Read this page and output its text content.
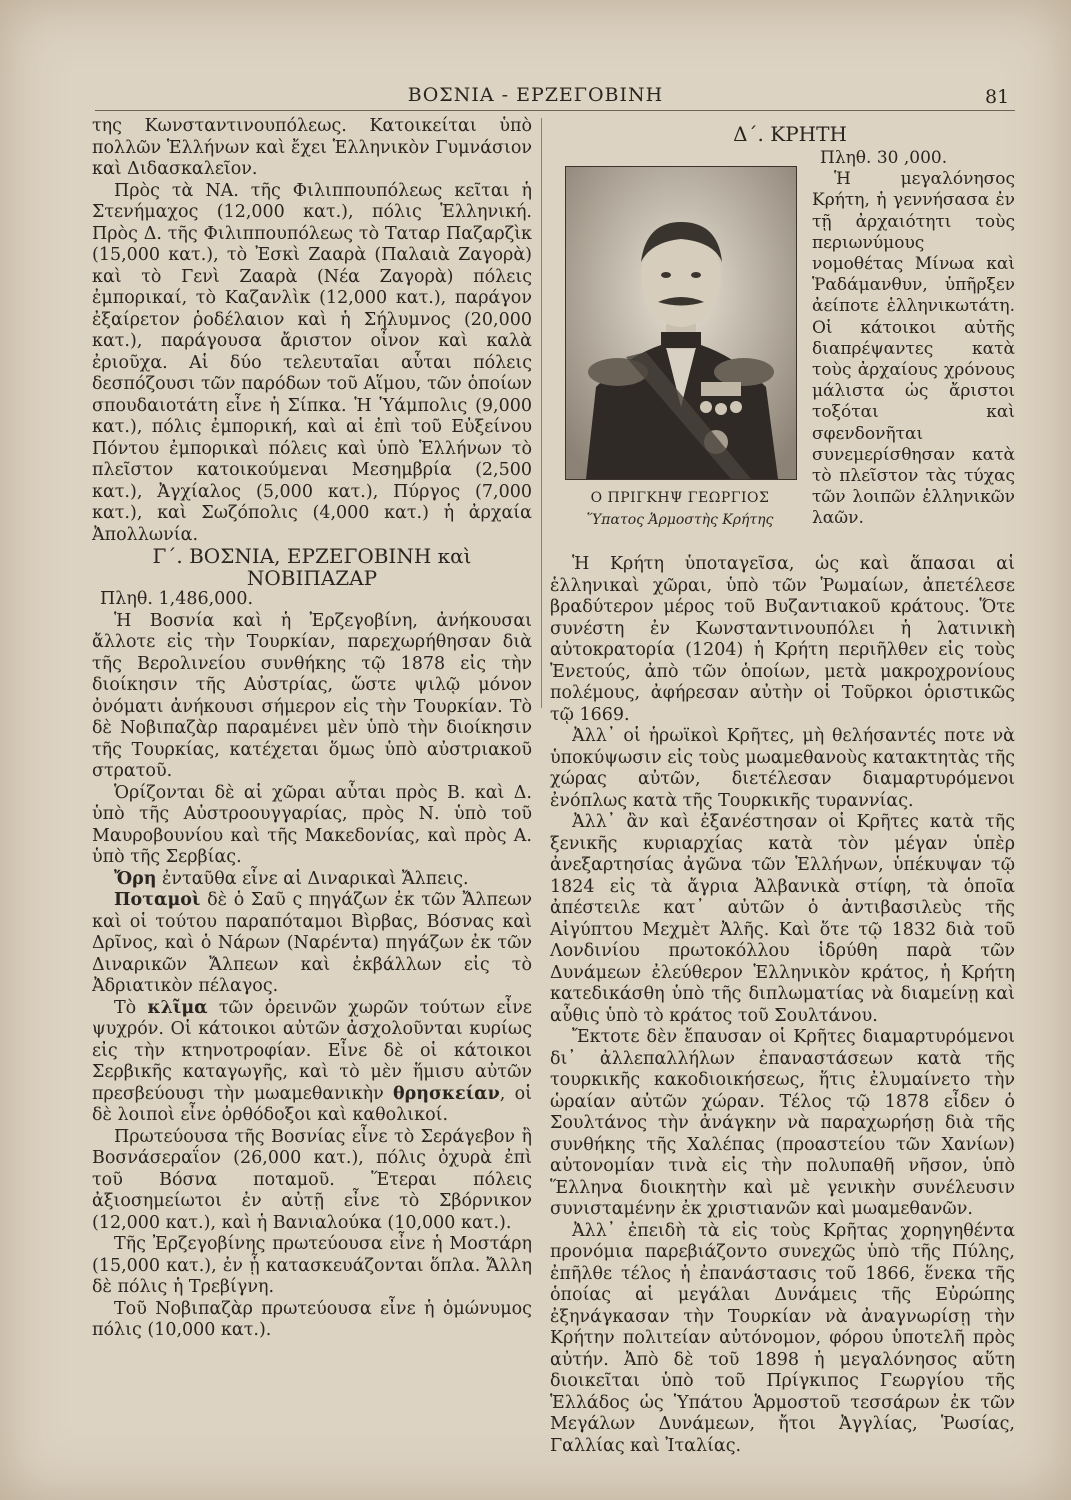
ΒΟΣΝΙΑ - ΕΡΖΕΓΟΒΙΝΗ	81

της Κωνσταντινουπόλεως. Κατοικείται ὑπὸ πολλῶν Ἑλλήνων καὶ ἔχει Ἑλληνικὸν Γυμνάσιον καὶ Διδασκαλεῖον.

Πρὸς τὰ ΝΑ. τῆς Φιλιππουπόλεως κεῖται ἡ Στενήμαχος (12,000 κατ.), πόλις Ἑλληνική. Πρὸς Δ. τῆς Φιλιππουπόλεως τὸ Ταταρ Παζαρζὶκ (15,000 κατ.), τὸ Ἐσκὶ Ζααρὰ (Παλαιὰ Ζαγορὰ) καὶ τὸ Γενὶ Ζααρὰ (Νέα Ζαγορὰ) πόλεις ἐμπορικαί, τὸ Καζανλὶκ (12,000 κατ.), παράγον ἐξαίρετον ῥοδέλαιον καὶ ἡ Σήλυμνος (20,000 κατ.), παράγουσα ἄριστον οἶνον καὶ καλὰ ἐριοῦχα. Αἱ δύο τελευταῖαι αὗται πόλεις δεσπόζουσι τῶν παρόδων τοῦ Αἵμου, τῶν ὁποίων σπουδαιοτάτη εἶνε ἡ Σίπκα. Ἡ Ὑάμπολις (9,000 κατ.), πόλις ἐμπορική, καὶ αἱ ἐπὶ τοῦ Εὐξείνου Πόντου ἐμπορικαὶ πόλεις καὶ ὑπὸ Ἑλλήνων τὸ πλεῖστον κατοικούμεναι Μεσημβρία (2,500 κατ.), Ἀγχίαλος (5,000 κατ.), Πύργος (7,000 κατ.), καὶ Σωζόπολις (4,000 κατ.) ἡ ἀρχαία Ἀπολλωνία.

Γ΄. ΒΟΣΝΙΑ, ΕΡΖΕΓΟΒΙΝΗ καὶ ΝΟΒΙΠΑΖΑΡ

Πληθ. 1,486,000.

Ἡ Βοσνία καὶ ἡ Ἐρζεγοβίνη, ἀνήκουσαι ἄλλοτε εἰς τὴν Τουρκίαν, παρεχωρήθησαν διὰ τῆς Βερολινείου συνθήκης τῷ 1878 εἰς τὴν διοίκησιν τῆς Αὐστρίας, ὥστε ψιλῷ μόνον ὀνόματι ἀνήκουσι σήμερον εἰς τὴν Τουρκίαν. Τὸ δὲ Νοβιπαζὰρ παραμένει μὲν ὑπὸ τὴν διοίκησιν τῆς Τουρκίας, κατέχεται ὅμως ὑπὸ αὐστριακοῦ στρατοῦ.

Ὁρίζονται δὲ αἱ χῶραι αὗται πρὸς Β. καὶ Δ. ὑπὸ τῆς Αὐστροουγγαρίας, πρὸς Ν. ὑπὸ τοῦ Μαυροβουνίου καὶ τῆς Μακεδονίας, καὶ πρὸς Α. ὑπὸ τῆς Σερβίας.

Ὄρη ἐνταῦθα εἶνε αἱ Διναρικαὶ Ἄλπεις.

Ποταμοὶ δὲ ὁ Σαῦ ς πηγάζων ἐκ τῶν Ἄλπεων καὶ οἱ τούτου παραπόταμοι Βὶρβας, Βόσνας καὶ Δρῖνος, καὶ ὁ Νάρων (Ναρέντα) πηγάζων ἐκ τῶν Διναρικῶν Ἄλπεων καὶ ἐκβάλλων εἰς τὸ Ἀδριατικὸν πέλαγος.

Τὸ κλῖμα τῶν ὀρεινῶν χωρῶν τούτων εἶνε ψυχρόν. Οἱ κάτοικοι αὐτῶν ἀσχολοῦνται κυρίως εἰς τὴν κτηνοτροφίαν. Εἶνε δὲ οἱ κάτοικοι Σερβικῆς καταγωγῆς, καὶ τὸ μὲν ἥμισυ αὐτῶν πρεσβεύουσι τὴν μωαμεθανικὴν θρησκείαν, οἱ δὲ λοιποὶ εἶνε ὀρθόδοξοι καὶ καθολικοί.

Πρωτεύουσα τῆς Βοσνίας εἶνε τὸ Σεράγεβον ἢ Βοσνάσεραΐον (26,000 κατ.), πόλις ὀχυρὰ ἐπὶ τοῦ Βόσνα ποταμοῦ. Ἕτεραι πόλεις ἀξιοσημείωτοι ἐν αὐτῇ εἶνε τὸ Σβόρνικον (12,000 κατ.), καὶ ἡ Βανιαλούκα (10,000 κατ.).

Τῆς Ἐρζεγοβίνης πρωτεύουσα εἶνε ἡ Μοστάρη (15,000 κατ.), ἐν ᾗ κατασκευάζονται ὅπλα. Ἄλλη δὲ πόλις ἡ Τρεβίγνη.

Τοῦ Νοβιπαζὰρ πρωτεύουσα εἶνε ἡ ὁμώνυμος πόλις (10,000 κατ.).

Δ΄. ΚΡΗΤΗ
Ο ΠΡΙΓΚΗΨ ΓΕΩΡΓΙΟΣ
Ὕπατος Ἁρμοστὴς Κρήτης

Πληθ. 30 ,000.

Ἡ μεγαλόνησος Κρήτη, ἡ γεννήσασα ἐν τῇ ἀρχαιότητι τοὺς περιωνύμους νομοθέτας Μίνωα καὶ Ῥαδάμανθυν, ὑπῆρξεν ἀείποτε ἑλληνικωτάτη. Οἱ κάτοικοι αὐτῆς διαπρέψαντες κατὰ τοὺς ἀρχαίους χρόνους μάλιστα ὡς ἄριστοι τοξόται καὶ σφενδονῆται συνεμερίσθησαν κατὰ τὸ πλεῖστον τὰς τύχας τῶν λοιπῶν ἑλληνικῶν λαῶν.

Ἡ Κρήτη ὑποταγεῖσα, ὡς καὶ ἅπασαι αἱ ἑλληνικαὶ χῶραι, ὑπὸ τῶν Ῥωμαίων, ἀπετέλεσε βραδύτερον μέρος τοῦ Βυζαντιακοῦ κράτους. Ὅτε συνέστη ἐν Κωνσταντινουπόλει ἡ λατινικὴ αὐτοκρατορία (1204) ἡ Κρήτη περιῆλθεν εἰς τοὺς Ἐνετούς, ἀπὸ τῶν ὁποίων, μετὰ μακροχρονίους πολέμους, ἀφήρεσαν αὐτὴν οἱ Τοῦρκοι ὁριστικῶς τῷ 1669.

Ἀλλ᾽ οἱ ἡρωϊκοὶ Κρῆτες, μὴ θελήσαντές ποτε νὰ ὑποκύψωσιν εἰς τοὺς μωαμεθανοὺς κατακτητὰς τῆς χώρας αὐτῶν, διετέλεσαν διαμαρτυρόμενοι ἐνόπλως κατὰ τῆς Τουρκικῆς τυραννίας.

Ἀλλ᾽ ἂν καὶ ἐξανέστησαν οἱ Κρῆτες κατὰ τῆς ξενικῆς κυριαρχίας κατὰ τὸν μέγαν ὑπὲρ ἀνεξαρτησίας ἀγῶνα τῶν Ἑλλήνων, ὑπέκυψαν τῷ 1824 εἰς τὰ ἄγρια Ἀλβανικὰ στίφη, τὰ ὁποῖα ἀπέστειλε κατ᾽ αὐτῶν ὁ ἀντιβασιλεὺς τῆς Αἰγύπτου Μεχμὲτ Ἀλῆς. Καὶ ὅτε τῷ 1832 διὰ τοῦ Λονδινίου πρωτοκόλλου ἱδρύθη παρὰ τῶν Δυνάμεων ἐλεύθερον Ἑλληνικὸν κράτος, ἡ Κρήτη κατεδικάσθη ὑπὸ τῆς διπλωματίας νὰ διαμείνῃ καὶ αὖθις ὑπὸ τὸ κράτος τοῦ Σουλτάνου.

Ἔκτοτε δὲν ἔπαυσαν οἱ Κρῆτες διαμαρτυρόμενοι δι᾽ ἀλλεπαλλήλων ἐπαναστάσεων κατὰ τῆς τουρκικῆς κακοδιοικήσεως, ἥτις ἐλυμαίνετο τὴν ὡραίαν αὐτῶν χώραν. Τέλος τῷ 1878 εἶδεν ὁ Σουλτάνος τὴν ἀνάγκην νὰ παραχωρήσῃ διὰ τῆς συνθήκης τῆς Χαλέπας (προαστείου τῶν Χανίων) αὐτονομίαν τινὰ εἰς τὴν πολυπαθῆ νῆσον, ὑπὸ Ἕλληνα διοικητὴν καὶ μὲ γενικὴν συνέλευσιν συνισταμένην ἐκ χριστιανῶν καὶ μωαμεθανῶν.

Ἀλλ᾽ ἐπειδὴ τὰ εἰς τοὺς Κρῆτας χορηγηθέντα προνόμια παρεβιάζοντο συνεχῶς ὑπὸ τῆς Πύλης, ἐπῆλθε τέλος ἡ ἐπανάστασις τοῦ 1866, ἕνεκα τῆς ὁποίας αἱ μεγάλαι Δυνάμεις τῆς Εὐρώπης ἐξηνάγκασαν τὴν Τουρκίαν νὰ ἀναγνωρίσῃ τὴν Κρήτην πολιτείαν αὐτόνομον, φόρου ὑποτελῆ πρὸς αὐτήν. Ἀπὸ δὲ τοῦ 1898 ἡ μεγαλόνησος αὕτη διοικεῖται ὑπὸ τοῦ Πρίγκιπος Γεωργίου τῆς Ἑλλάδος ὡς Ὑπάτου Ἁρμοστοῦ τεσσάρων ἐκ τῶν Μεγάλων Δυνάμεων, ἤτοι Ἀγγλίας, Ῥωσίας, Γαλλίας καὶ Ἰταλίας.
